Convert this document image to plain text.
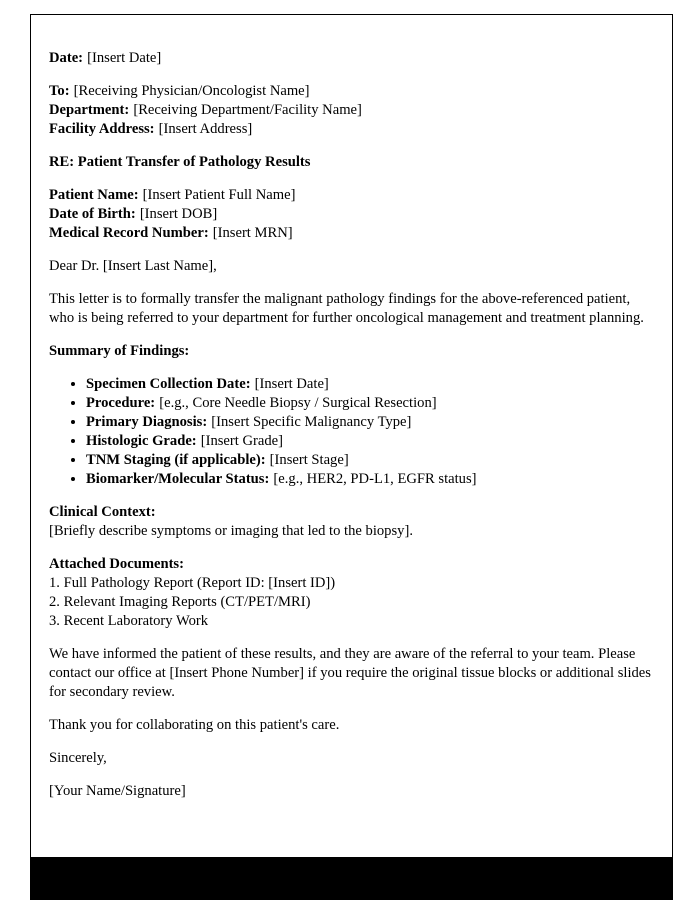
Date: [Insert Date]

To: [Receiving Physician/Oncologist Name]
Department: [Receiving Department/Facility Name]
Facility Address: [Insert Address]

RE: Patient Transfer of Pathology Results

Patient Name: [Insert Patient Full Name]
Date of Birth: [Insert DOB]
Medical Record Number: [Insert MRN]

Dear Dr. [Insert Last Name],

This letter is to formally transfer the malignant pathology findings for the above-referenced patient, who is being referred to your department for further oncological management and treatment planning.

Summary of Findings:

• Specimen Collection Date: [Insert Date]
• Procedure: [e.g., Core Needle Biopsy / Surgical Resection]
• Primary Diagnosis: [Insert Specific Malignancy Type]
• Histologic Grade: [Insert Grade]
• TNM Staging (if applicable): [Insert Stage]
• Biomarker/Molecular Status: [e.g., HER2, PD-L1, EGFR status]
Clinical Context:
[Briefly describe symptoms or imaging that led to the biopsy].
Attached Documents:
1. Full Pathology Report (Report ID: [Insert ID])
2. Relevant Imaging Reports (CT/PET/MRI)
3. Recent Laboratory Work

We have informed the patient of these results, and they are aware of the referral to your team. Please contact our office at [Insert Phone Number] if you require the original tissue blocks or additional slides for secondary review.

Thank you for collaborating on this patient's care.

Sincerely,

[Your Name/Signature]
